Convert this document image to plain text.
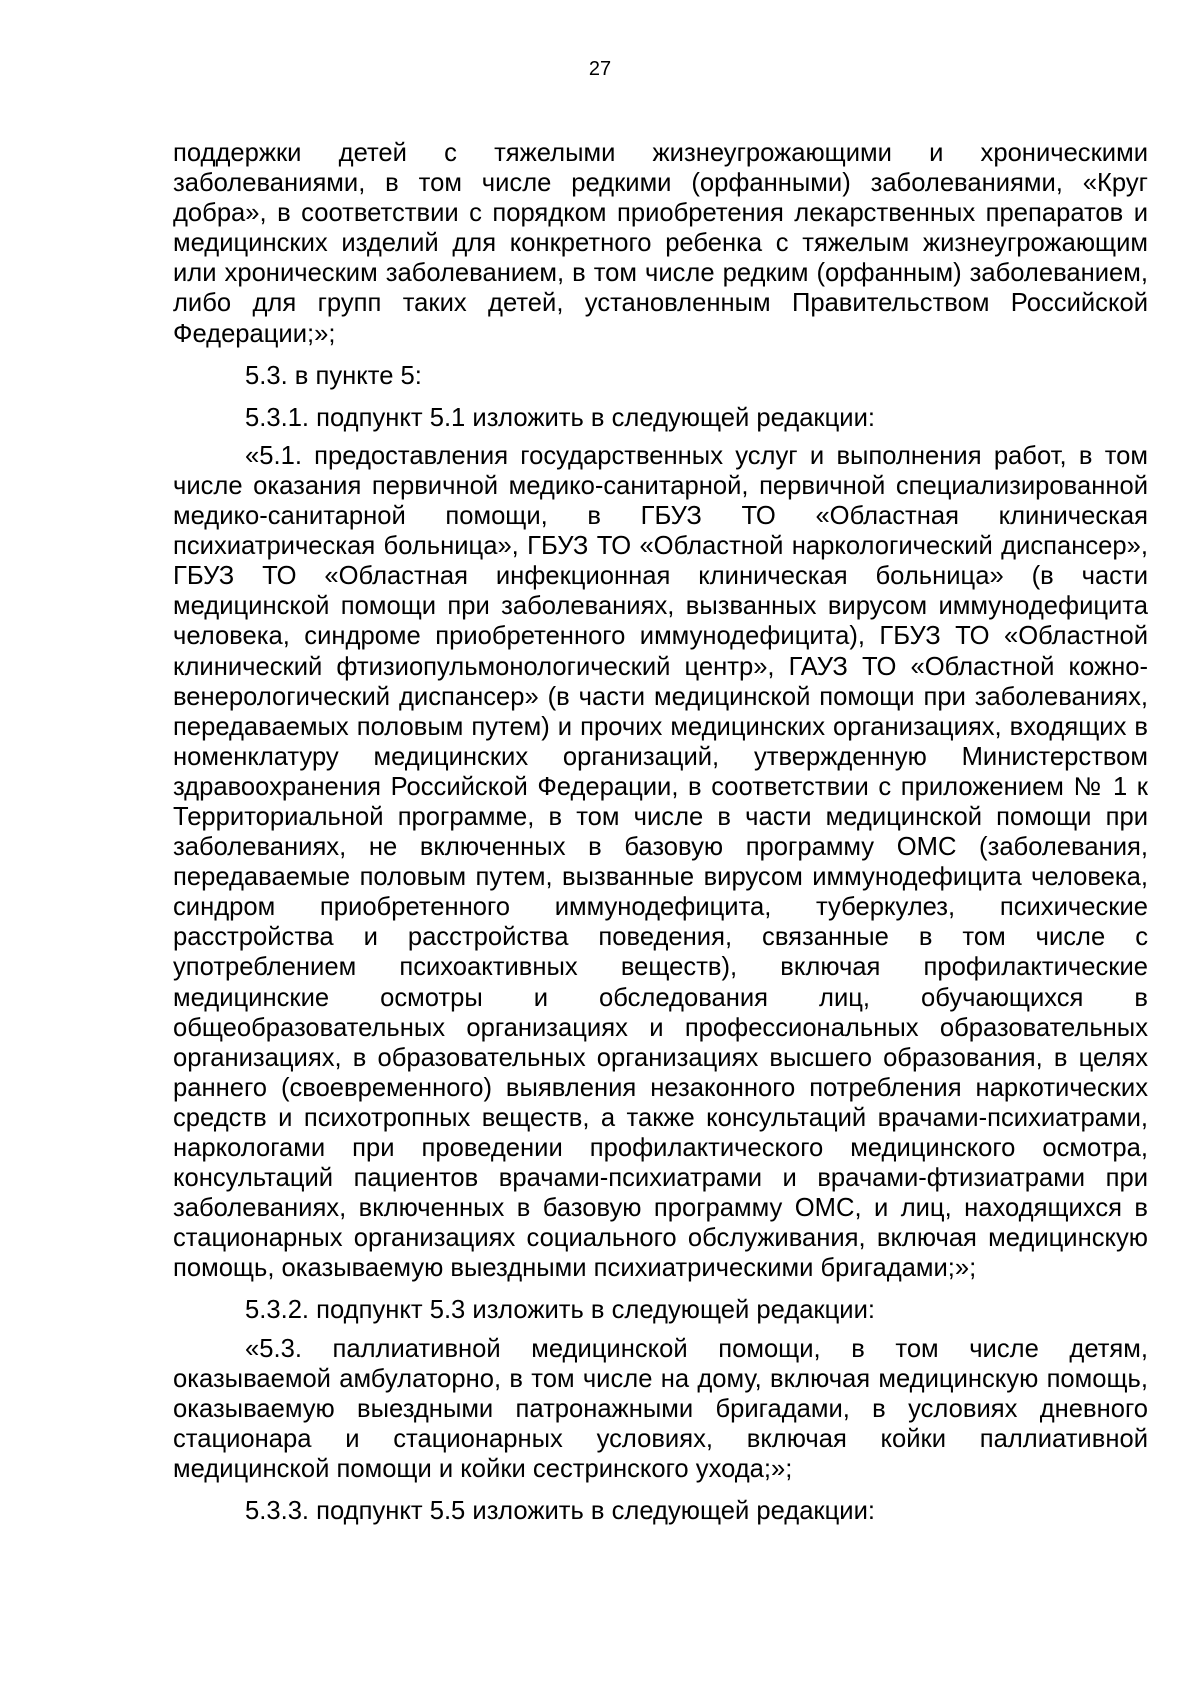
27

поддержки детей с тяжелыми жизнеугрожающими и хроническими заболеваниями, в том числе редкими (орфанными) заболеваниями, «Круг добра», в соответствии с порядком приобретения лекарственных препаратов и медицинских изделий для конкретного ребенка с тяжелым жизнеугрожающим или хроническим заболеванием, в том числе редким (орфанным) заболеванием, либо для групп таких детей, установленным Правительством Российской Федерации;»;

5.3. в пункте 5:

5.3.1. подпункт 5.1 изложить в следующей редакции:

«5.1. предоставления государственных услуг и выполнения работ, в том числе оказания первичной медико-санитарной, первичной специализированной медико-санитарной помощи, в ГБУЗ ТО «Областная клиническая психиатрическая больница», ГБУЗ ТО «Областной наркологический диспансер», ГБУЗ ТО «Областная инфекционная клиническая больница» (в части медицинской помощи при заболеваниях, вызванных вирусом иммунодефицита человека, синдроме приобретенного иммунодефицита), ГБУЗ ТО «Областной клинический фтизиопульмонологический центр», ГАУЗ ТО «Областной кожно-венерологический диспансер» (в части медицинской помощи при заболеваниях, передаваемых половым путем) и прочих медицинских организациях, входящих в номенклатуру медицинских организаций, утвержденную Министерством здравоохранения Российской Федерации, в соответствии с приложением № 1 к Территориальной программе, в том числе в части медицинской помощи при заболеваниях, не включенных в базовую программу ОМС (заболевания, передаваемые половым путем, вызванные вирусом иммунодефицита человека, синдром приобретенного иммунодефицита, туберкулез, психические расстройства и расстройства поведения, связанные в том числе с употреблением психоактивных веществ), включая профилактические медицинские осмотры и обследования лиц, обучающихся в общеобразовательных организациях и профессиональных образовательных организациях, в образовательных организациях высшего образования, в целях раннего (своевременного) выявления незаконного потребления наркотических средств и психотропных веществ, а также консультаций врачами-психиатрами, наркологами при проведении профилактического медицинского осмотра, консультаций пациентов врачами-психиатрами и врачами-фтизиатрами при заболеваниях, включенных в базовую программу ОМС, и лиц, находящихся в стационарных организациях социального обслуживания, включая медицинскую помощь, оказываемую выездными психиатрическими бригадами;»;

5.3.2. подпункт 5.3 изложить в следующей редакции:

«5.3. паллиативной медицинской помощи, в том числе детям, оказываемой амбулаторно, в том числе на дому, включая медицинскую помощь, оказываемую выездными патронажными бригадами, в условиях дневного стационара и стационарных условиях, включая койки паллиативной медицинской помощи и койки сестринского ухода;»;

5.3.3. подпункт 5.5 изложить в следующей редакции:
